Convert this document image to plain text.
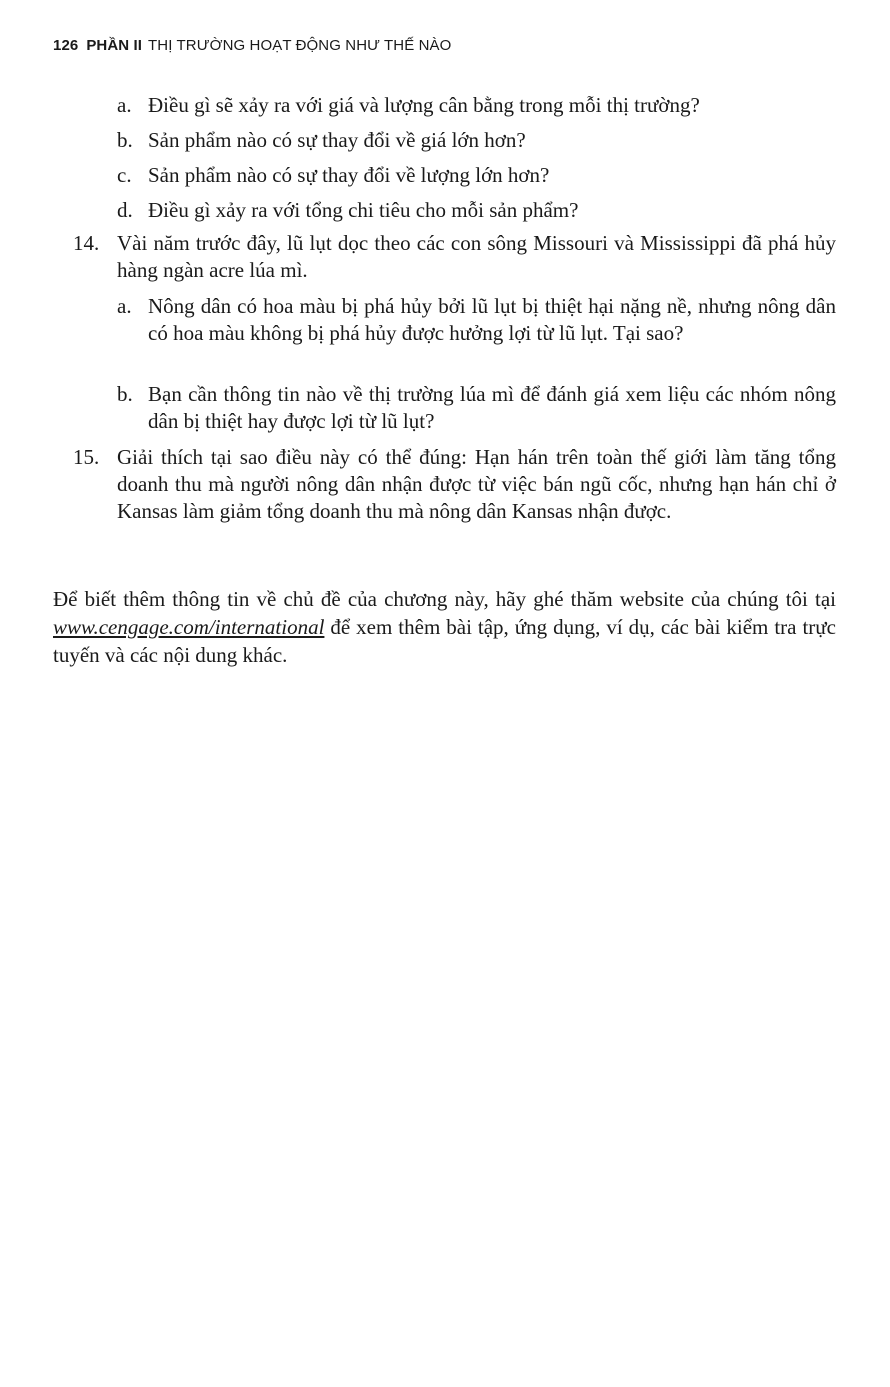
126 PHẦN II THỊ TRƯỜNG HOẠT ĐỘNG NHƯ THẾ NÀO
a. Điều gì sẽ xảy ra với giá và lượng cân bằng trong mỗi thị trường?
b. Sản phẩm nào có sự thay đổi về giá lớn hơn?
c. Sản phẩm nào có sự thay đổi về lượng lớn hơn?
d. Điều gì xảy ra với tổng chi tiêu cho mỗi sản phẩm?
14. Vài năm trước đây, lũ lụt dọc theo các con sông Missouri và Mississippi đã phá hủy hàng ngàn acre lúa mì.
a. Nông dân có hoa màu bị phá hủy bởi lũ lụt bị thiệt hại nặng nề, nhưng nông dân có hoa màu không bị phá hủy được hưởng lợi từ lũ lụt. Tại sao?
b. Bạn cần thông tin nào về thị trường lúa mì để đánh giá xem liệu các nhóm nông dân bị thiệt hay được lợi từ lũ lụt?
15. Giải thích tại sao điều này có thể đúng: Hạn hán trên toàn thế giới làm tăng tổng doanh thu mà người nông dân nhận được từ việc bán ngũ cốc, nhưng hạn hán chỉ ở Kansas làm giảm tổng doanh thu mà nông dân Kansas nhận được.
Để biết thêm thông tin về chủ đề của chương này, hãy ghé thăm website của chúng tôi tại www.cengage.com/international để xem thêm bài tập, ứng dụng, ví dụ, các bài kiểm tra trực tuyến và các nội dung khác.
